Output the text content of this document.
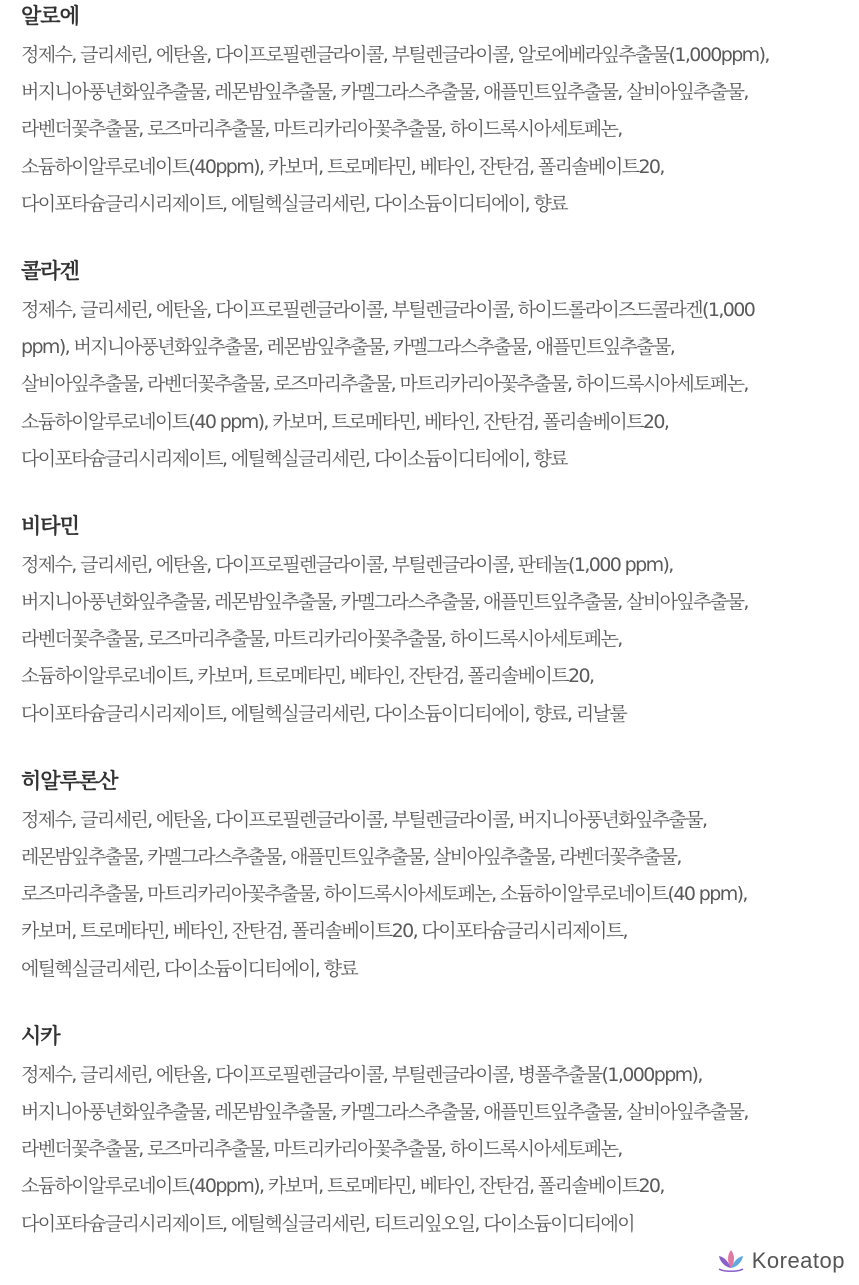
알로에
정제수, 글리세린, 에탄올, 다이프로필렌글라이콜, 부틸렌글라이콜, 알로에베라잎추출물(1,000ppm),
버지니아풍년화잎추출물, 레몬밤잎추출물, 카멜그라스추출물, 애플민트잎추출물, 살비아잎추출물,
라벤더꽃추출물, 로즈마리추출물, 마트리카리아꽃추출물, 하이드록시아세토페논,
소듐하이알루로네이트(40ppm), 카보머, 트로메타민, 베타인, 잔탄검, 폴리솔베이트20,
다이포타슘글리시리제이트, 에틸헥실글리세린, 다이소듐이디티에이, 향료
콜라겐
정제수, 글리세린, 에탄올, 다이프로필렌글라이콜, 부틸렌글라이콜, 하이드롤라이즈드콜라겐(1,000
ppm), 버지니아풍년화잎추출물, 레몬밤잎추출물, 카멜그라스추출물, 애플민트잎추출물,
살비아잎추출물, 라벤더꽃추출물, 로즈마리추출물, 마트리카리아꽃추출물, 하이드록시아세토페논,
소듐하이알루로네이트(40 ppm), 카보머, 트로메타민, 베타인, 잔탄검, 폴리솔베이트20,
다이포타슘글리시리제이트, 에틸헥실글리세린, 다이소듐이디티에이, 향료
비타민
정제수, 글리세린, 에탄올, 다이프로필렌글라이콜, 부틸렌글라이콜, 판테놀(1,000 ppm),
버지니아풍년화잎추출물, 레몬밤잎추출물, 카멜그라스추출물, 애플민트잎추출물, 살비아잎추출물,
라벤더꽃추출물, 로즈마리추출물, 마트리카리아꽃추출물, 하이드록시아세토페논,
소듐하이알루로네이트, 카보머, 트로메타민, 베타인, 잔탄검, 폴리솔베이트20,
다이포타슘글리시리제이트, 에틸헥실글리세린, 다이소듐이디티에이, 향료, 리날룰
히알루론산
정제수, 글리세린, 에탄올, 다이프로필렌글라이콜, 부틸렌글라이콜, 버지니아풍년화잎추출물,
레몬밤잎추출물, 카멜그라스추출물, 애플민트잎추출물, 살비아잎추출물, 라벤더꽃추출물,
로즈마리추출물, 마트리카리아꽃추출물, 하이드록시아세토페논, 소듐하이알루로네이트(40 ppm),
카보머, 트로메타민, 베타인, 잔탄검, 폴리솔베이트20, 다이포타슘글리시리제이트,
에틸헥실글리세린, 다이소듐이디티에이, 향료
시카
정제수, 글리세린, 에탄올, 다이프로필렌글라이콜, 부틸렌글라이콜, 병풀추출물(1,000ppm),
버지니아풍년화잎추출물, 레몬밤잎추출물, 카멜그라스추출물, 애플민트잎추출물, 살비아잎추출물,
라벤더꽃추출물, 로즈마리추출물, 마트리카리아꽃추출물, 하이드록시아세토페논,
소듐하이알루로네이트(40ppm), 카보머, 트로메타민, 베타인, 잔탄검, 폴리솔베이트20,
다이포타슘글리시리제이트, 에틸헥실글리세린, 티트리잎오일, 다이소듐이디티에이
Koreatop
